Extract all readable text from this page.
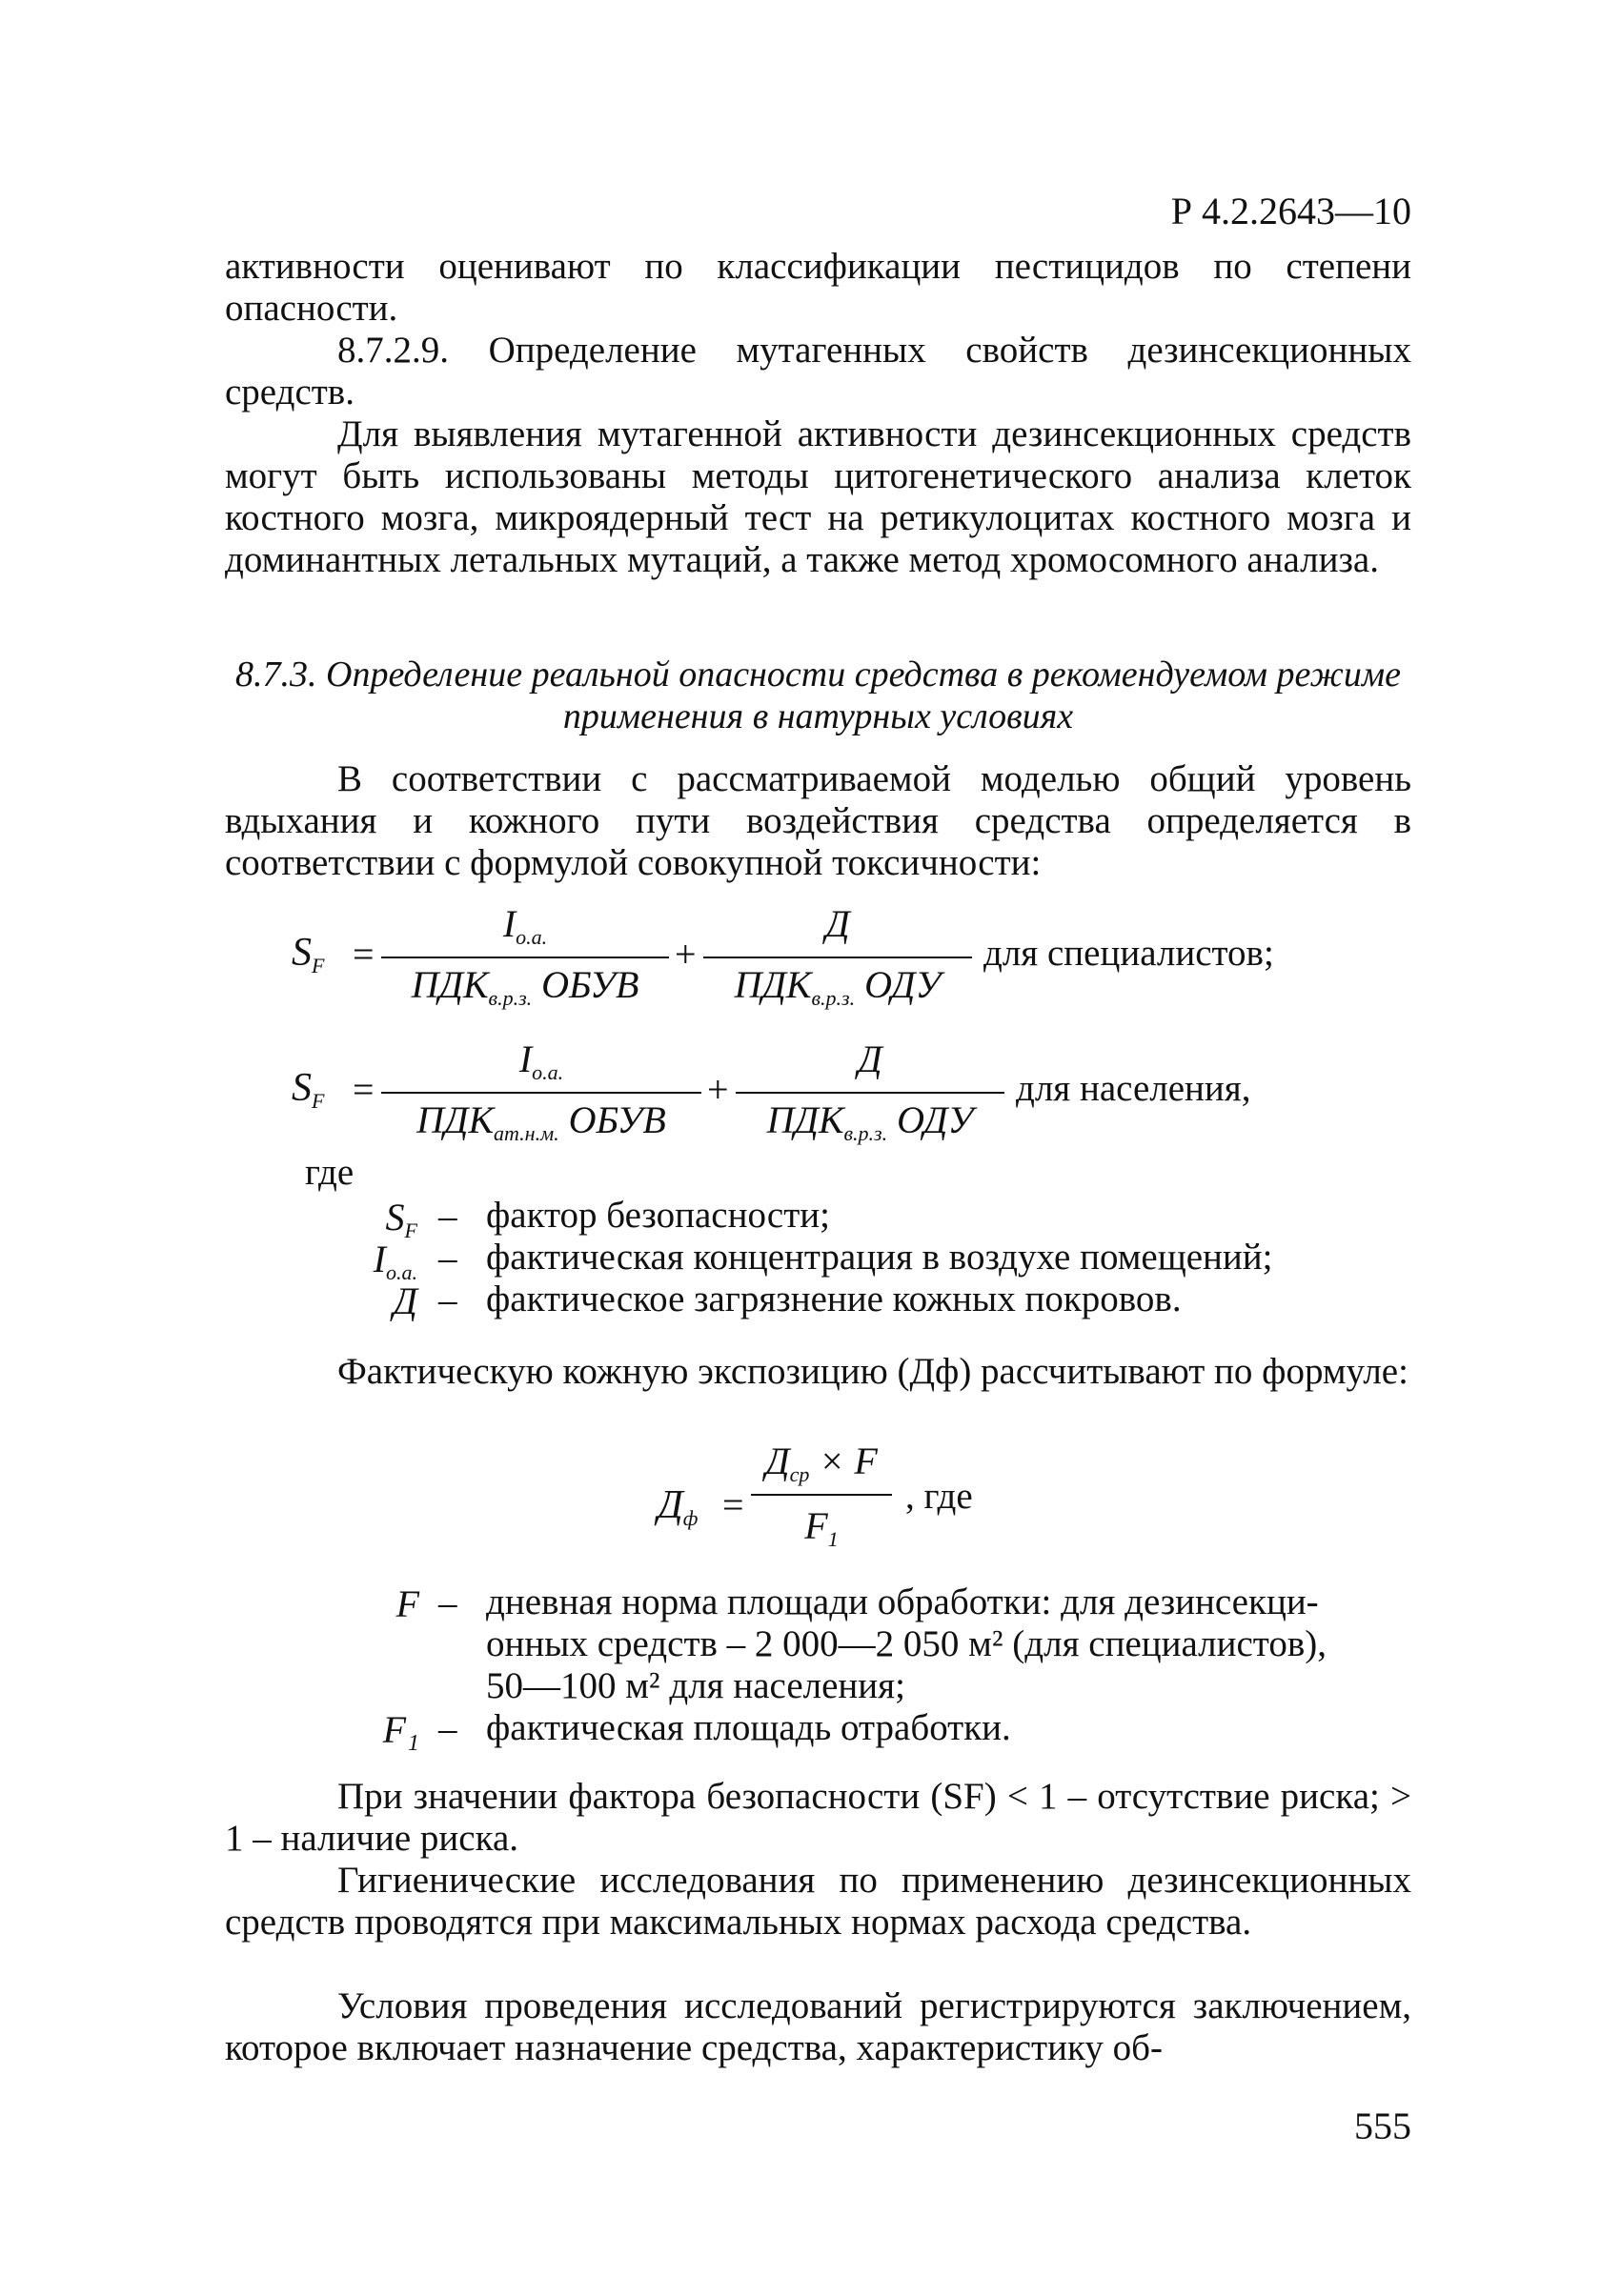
Р 4.2.2643—10
активности оценивают по классификации пестицидов по степени опасности.
8.7.2.9. Определение мутагенных свойств дезинсекционных средств.
Для выявления мутагенной активности дезинсекционных средств могут быть использованы методы цитогенетического анализа клеток костного мозга, микроядерный тест на ретикулоцитах костного мозга и доминантных летальных мутаций, а также метод хромосомного анализа.
8.7.3. Определение реальной опасности средства в рекомендуемом режиме применения в натурных условиях
В соответствии с рассматриваемой моделью общий уровень вдыхания и кожного пути воздействия средства определяется в соответствии с формулой совокупной токсичности:
$S_F$ =
$I_{о.а.}$
$ПДК_{в.р.з.}$ ОБУВ
+
Д
$ПДК_{в.р.з.}$ ОДУ
для специалистов;
$S_F$ =
$I_{о.а.}$
$ПДК_{ат.н.м.}$ ОБУВ
+
Д
$ПДК_{в.р.з.}$ ОДУ
для населения,
где
$S_F$ – фактор безопасности;
$I_{о.а.}$ – фактическая концентрация в воздухе помещений;
Д – фактическое загрязнение кожных покровов.
Фактическую кожную экспозицию (Дф) рассчитывают по формуле:
$Д_ф$ =
$Д_{ср} \times F$
$F_1$
, где
F – дневная норма площади обработки: для дезинсекци-
онных средств – 2 000—2 050 м² (для специалистов),
50—100 м² для населения;
F₁ – фактическая площадь отработки.
При значении фактора безопасности (SF) < 1 – отсутствие риска; > 1 – наличие риска.
Гигиенические исследования по применению дезинсекционных средств проводятся при максимальных нормах расхода средства.
Условия проведения исследований регистрируются заключением, которое включает назначение средства, характеристику об-
555
